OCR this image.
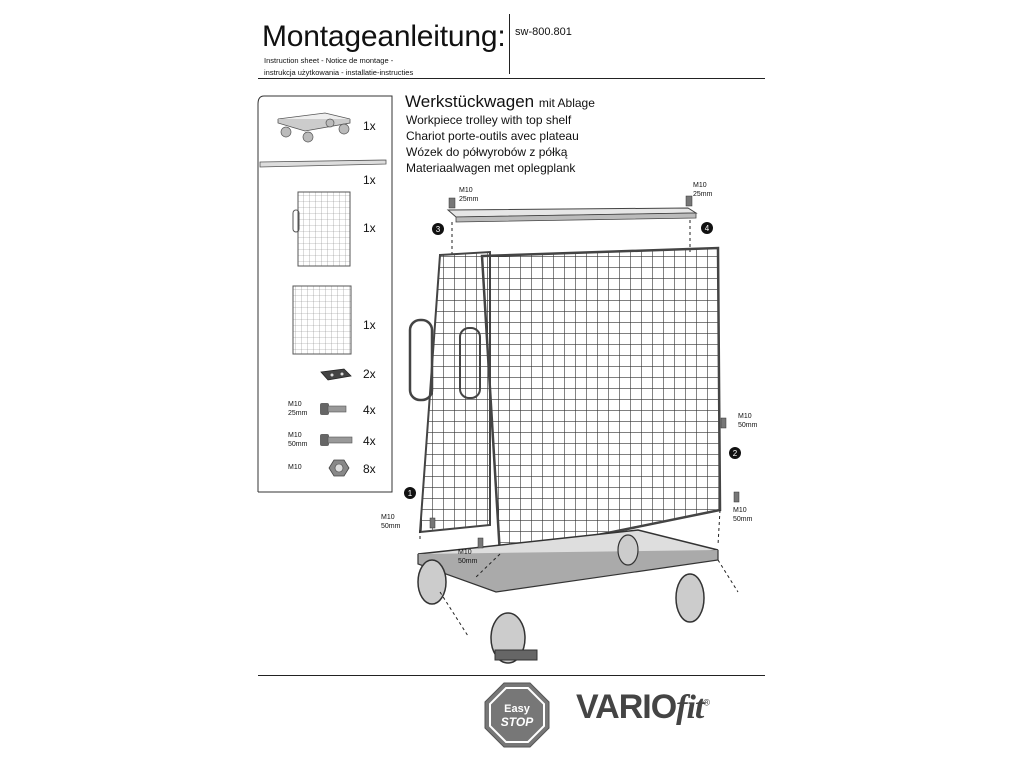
Montageanleitung: sw-800.801
Instruction sheet - Notice de montage -
instrukcja użytkowania - installatie-instructies
Werkstückwagen mit Ablage
Workpiece trolley with top shelf
Chariot porte-outils avec plateau
Wózek do półwyrobów z półką
Materiaalwagen met oplegplank
1x
1x
1x
1x
2x
4x
4x
8x
M10
25mm
M10
50mm
M10
3	4
2
1
M10
25mm
M10
25mm
M10
50mm
M10
50mm
M10
50mm
M10
50mm
Easy
STOP VARIOfit®
